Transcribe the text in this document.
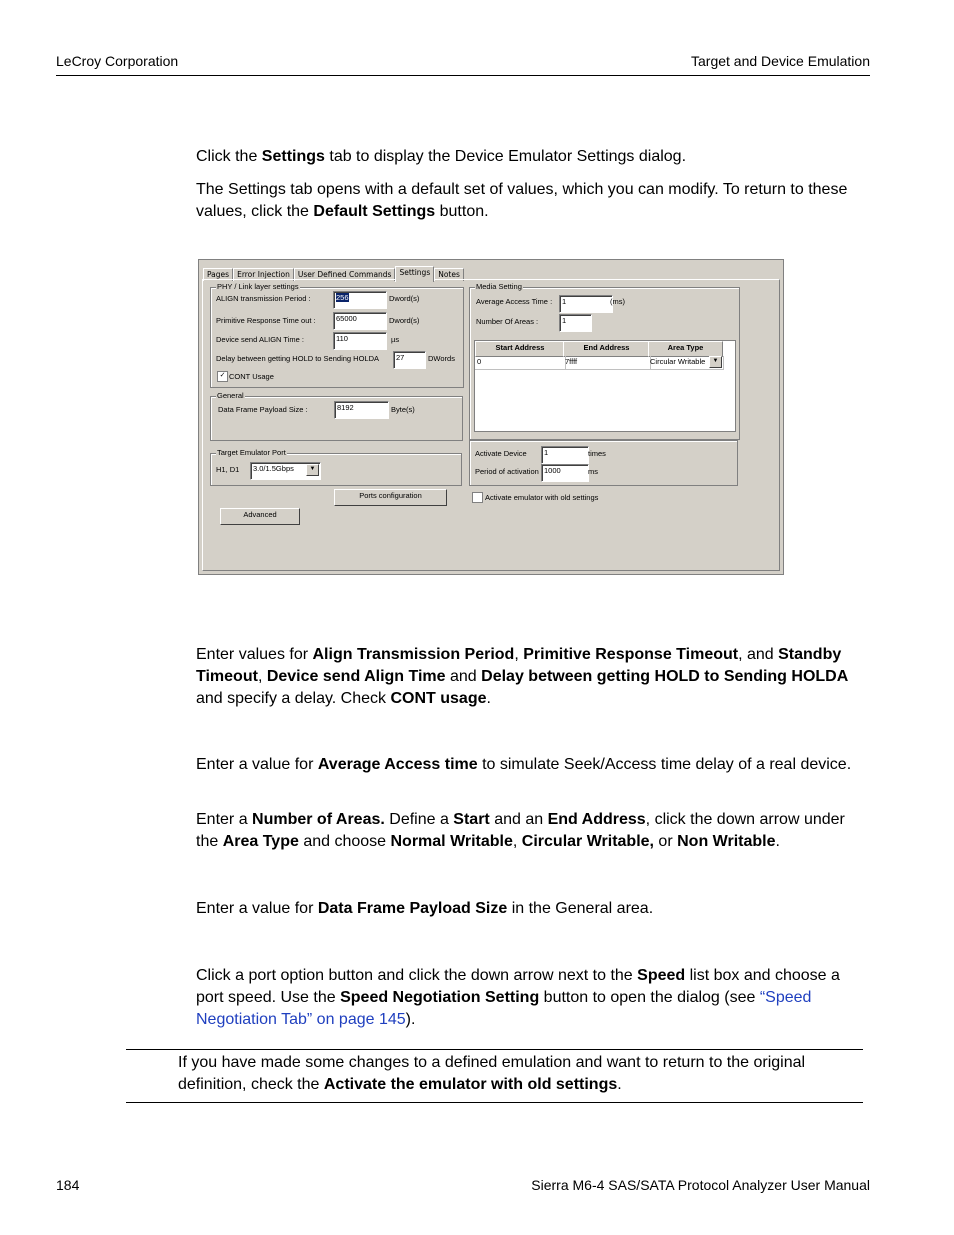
LeCroy Corporation	Target and Device Emulation
Click the Settings tab to display the Device Emulator Settings dialog.
The Settings tab opens with a default set of values, which you can modify. To return to these values, click the Default Settings button.
Pages	Error Injection	User Defined Commands	Settings	Notes
PHY / Link layer settings
ALIGN transmission Period :	256	Dword(s)
Primitive Response Time out :	65000	Dword(s)
Device send ALIGN Time :	110	µs
Delay between getting HOLD to Sending HOLDA	27	DWords
✓ CONT Usage
General
Data Frame Payload Size :	8192	Byte(s)
Target Emulator Port
H1, D1	3.0/1.5Gbps	▼
Ports configuration
Advanced
Media Setting
Average Access Time :	1	(ms)
Number Of Areas :	1
Start Address	End Address	Area Type
0	7ffff	Circular Writable	▼
Activate Device	1	times
Period of activation 1000	ms
Activate emulator with old settings
Enter values for Align Transmission Period, Primitive Response Timeout, and Standby Timeout, Device send Align Time and Delay between getting HOLD to Sending HOLDA and specify a delay. Check CONT usage.
Enter a value for Average Access time to simulate Seek/Access time delay of a real device.
Enter a Number of Areas. Define a Start and an End Address, click the down arrow under the Area Type and choose Normal Writable, Circular Writable, or Non Writable.
Enter a value for Data Frame Payload Size in the General area.
Click a port option button and click the down arrow next to the Speed list box and choose a port speed. Use the Speed Negotiation Setting button to open the dialog (see “Speed Negotiation Tab” on page 145).
If you have made some changes to a defined emulation and want to return to the original definition, check the Activate the emulator with old settings.
184	Sierra M6-4 SAS/SATA Protocol Analyzer User Manual
